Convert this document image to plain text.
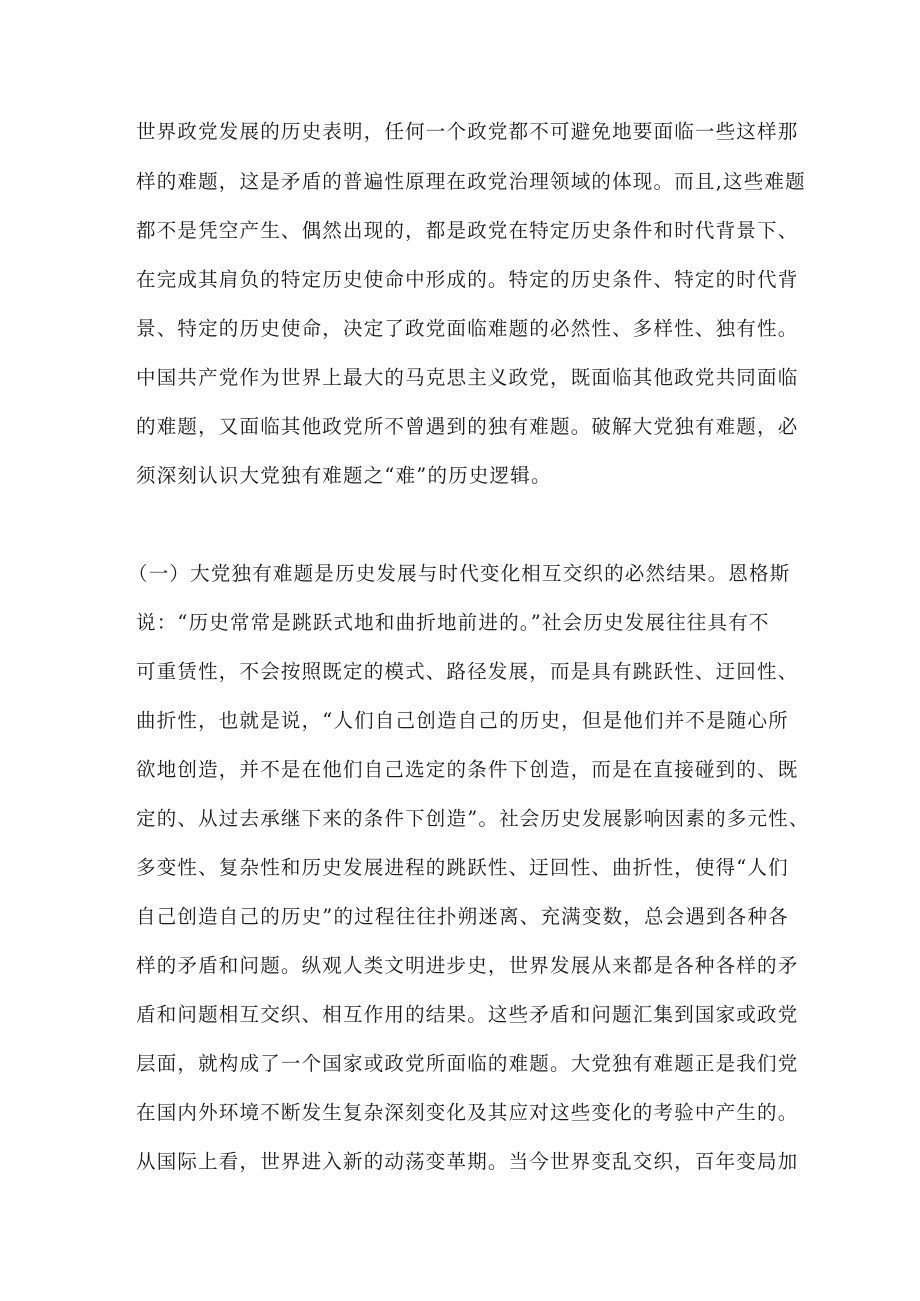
世界政党发展的历史表明，任何一个政党都不可避免地要面临一些这样那
样的难题，这是矛盾的普遍性原理在政党治理领域的体现。而且,这些难题
都不是凭空产生、偶然出现的，都是政党在特定历史条件和时代背景下、
在完成其肩负的特定历史使命中形成的。特定的历史条件、特定的时代背
景、特定的历史使命，决定了政党面临难题的必然性、多样性、独有性。
中国共产党作为世界上最大的马克思主义政党，既面临其他政党共同面临
的难题，又面临其他政党所不曾遇到的独有难题。破解大党独有难题，必
须深刻认识大党独有难题之“难”的历史逻辑。
（一）大党独有难题是历史发展与时代变化相互交织的必然结果。恩格斯
说：“历史常常是跳跃式地和曲折地前进的。”社会历史发展往往具有不
可重赁性，不会按照既定的模式、路径发展，而是具有跳跃性、迂回性、
曲折性，也就是说，“人们自己创造自己的历史，但是他们并不是随心所
欲地创造，并不是在他们自己选定的条件下创造，而是在直接碰到的、既
定的、从过去承继下来的条件下创造”。社会历史发展影响因素的多元性、
多变性、复杂性和历史发展进程的跳跃性、迂回性、曲折性，使得“人们
自己创造自己的历史”的过程往往扑朔迷离、充满变数，总会遇到各种各
样的矛盾和问题。纵观人类文明进步史，世界发展从来都是各种各样的矛
盾和问题相互交织、相互作用的结果。这些矛盾和问题汇集到国家或政党
层面，就构成了一个国家或政党所面临的难题。大党独有难题正是我们党
在国内外环境不断发生复杂深刻变化及其应对这些变化的考验中产生的。
从国际上看，世界进入新的动荡变革期。当今世界变乱交织，百年变局加
